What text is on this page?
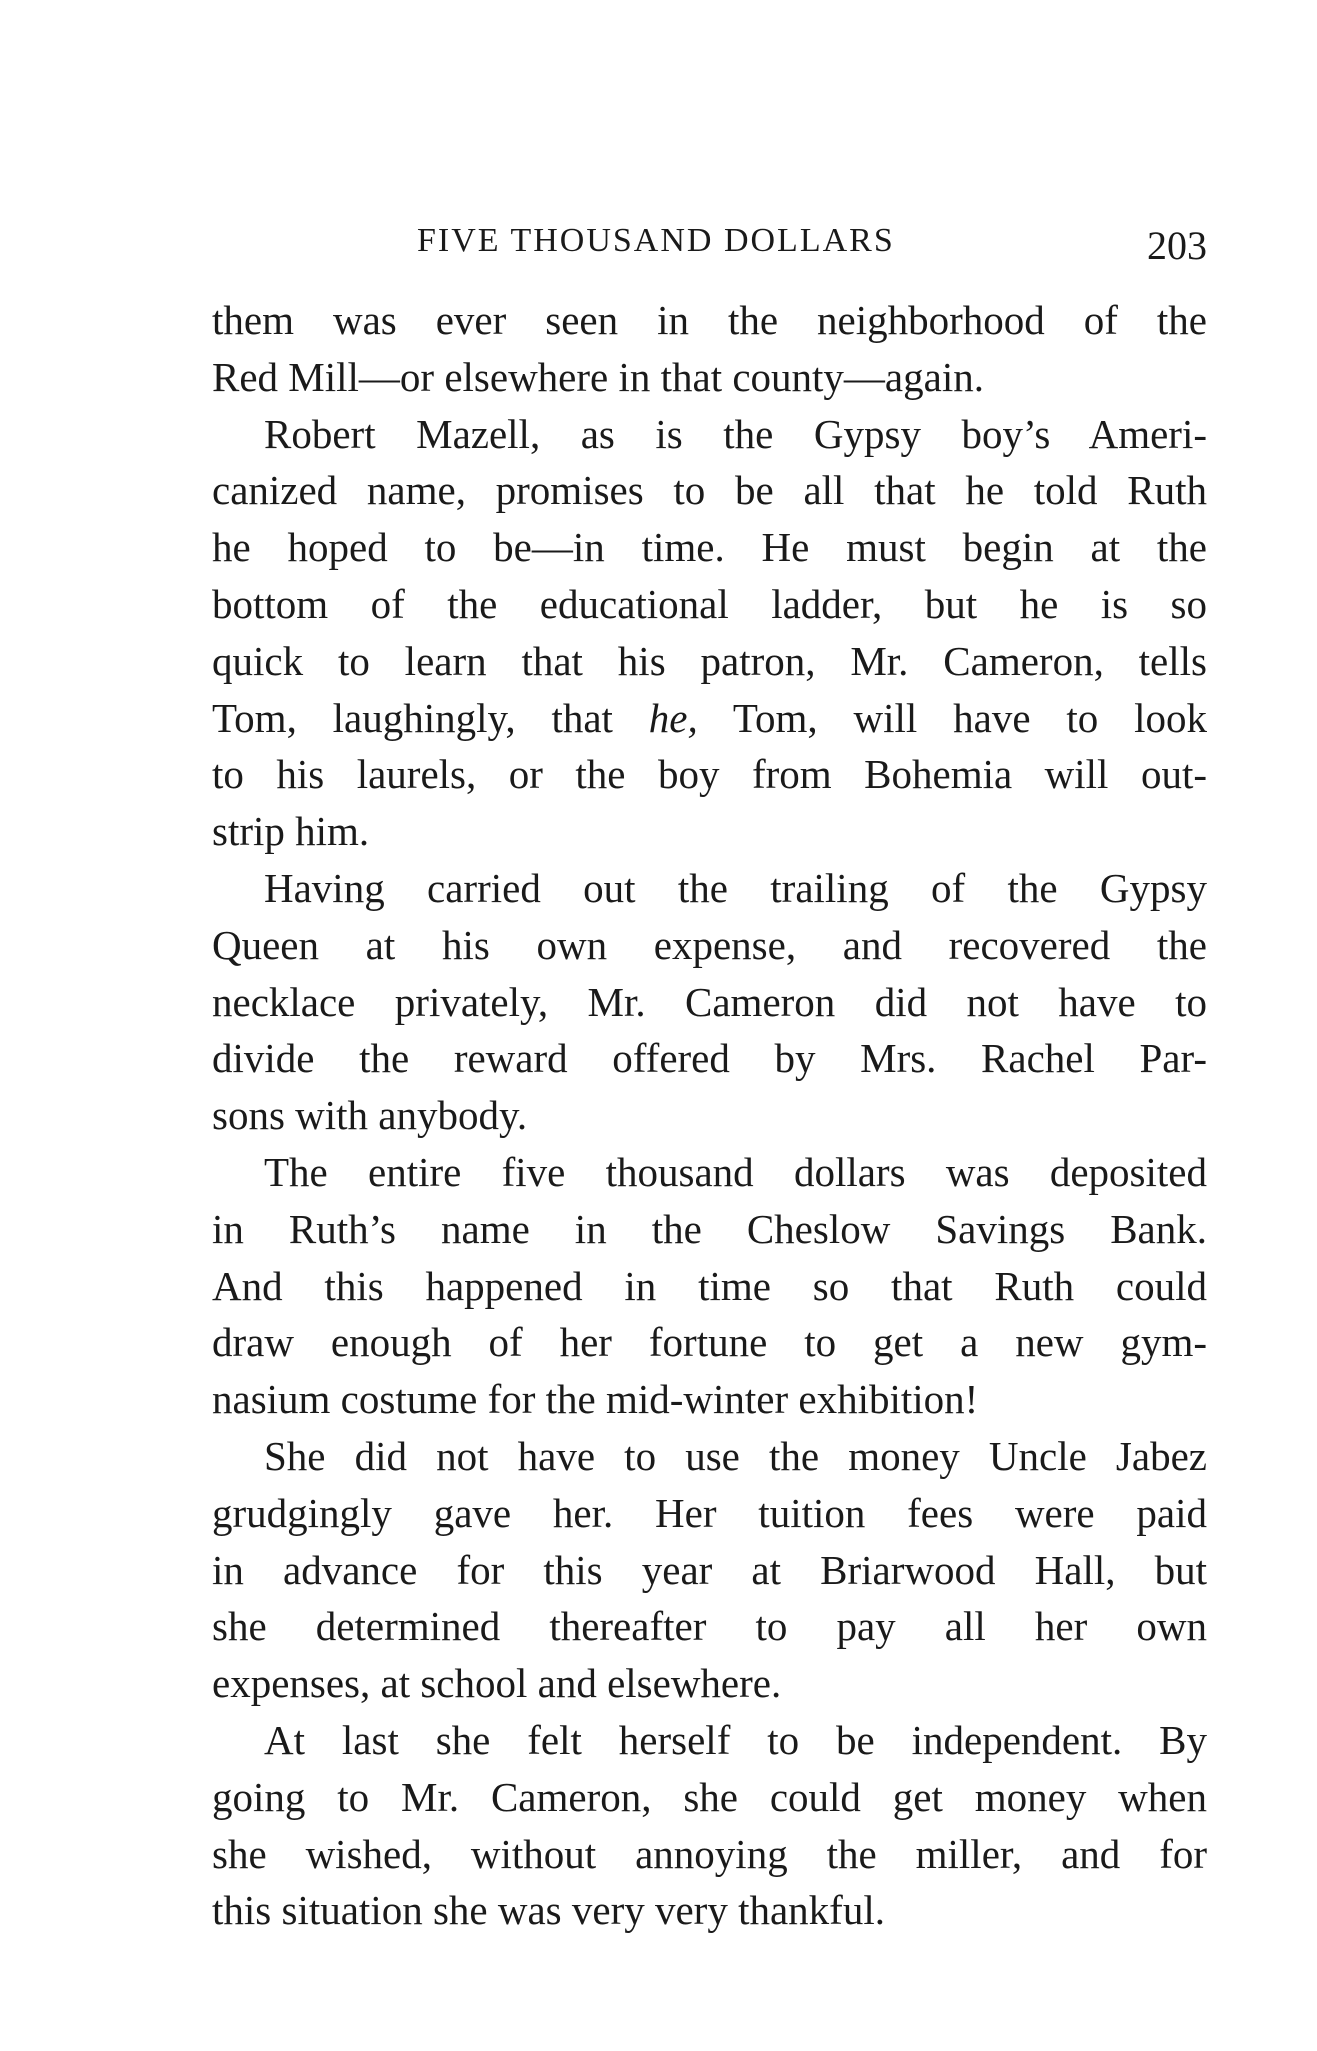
FIVE THOUSAND DOLLARS	203
them was ever seen in the neighborhood of the
Red Mill—or elsewhere in that county—again.
Robert Mazell, as is the Gypsy boy’s Ameri-
canized name, promises to be all that he told Ruth
he hoped to be—in time. He must begin at the
bottom of the educational ladder, but he is so
quick to learn that his patron, Mr. Cameron, tells
Tom, laughingly, that he, Tom, will have to look
to his laurels, or the boy from Bohemia will out-
strip him.
Having carried out the trailing of the Gypsy
Queen at his own expense, and recovered the
necklace privately, Mr. Cameron did not have to
divide the reward offered by Mrs. Rachel Par-
sons with anybody.
The entire five thousand dollars was deposited
in Ruth’s name in the Cheslow Savings Bank.
And this happened in time so that Ruth could
draw enough of her fortune to get a new gym-
nasium costume for the mid-winter exhibition!
She did not have to use the money Uncle Jabez
grudgingly gave her. Her tuition fees were paid
in advance for this year at Briarwood Hall, but
she determined thereafter to pay all her own
expenses, at school and elsewhere.
At last she felt herself to be independent. By
going to Mr. Cameron, she could get money when
she wished, without annoying the miller, and for
this situation she was very very thankful.
